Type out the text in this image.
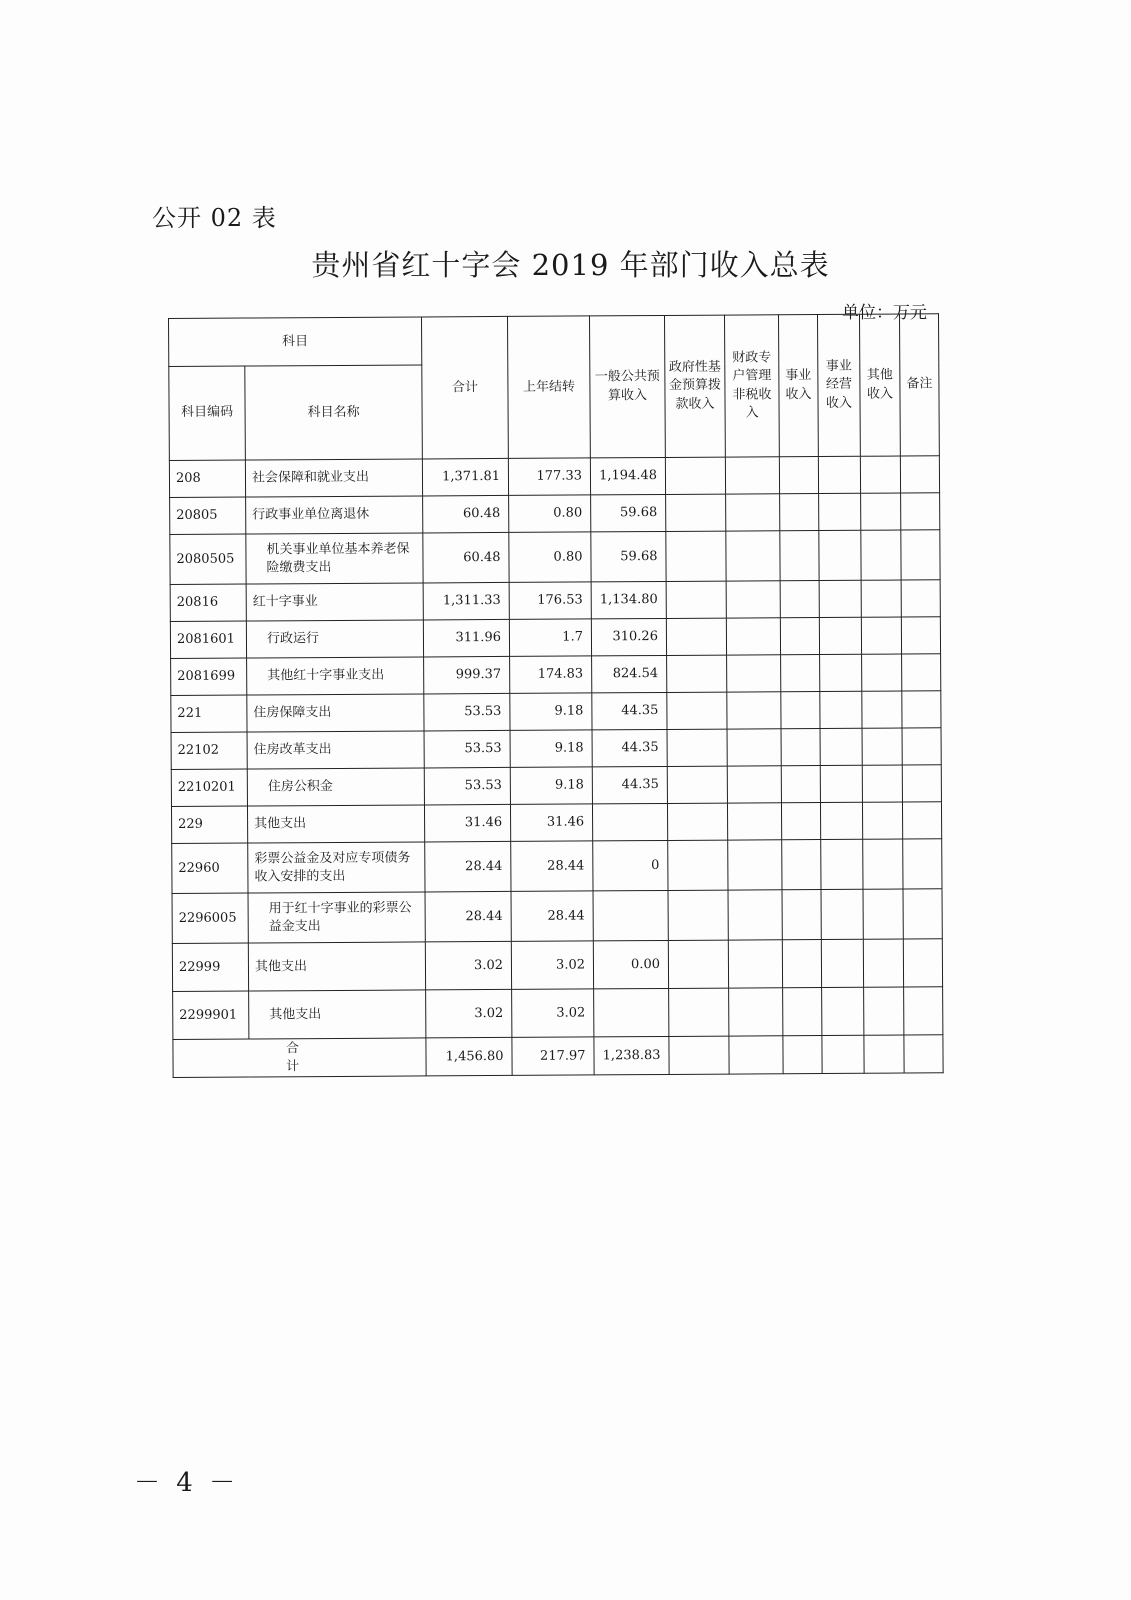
公开 02 表
贵州省红十字会 2019 年部门收入总表
单位：万元
科目		合计	上年结转	一般公共预算收入	政府性基金预算拨款收入	财政专户管理非税收入	事业收入	事业经营收入	其他收入	备注
科目编码	科目名称									
208	社会保障和就业支出	1,371.81	177.33	1,194.48						
20805	行政事业单位离退休	60.48	0.80	59.68						
2080505	机关事业单位基本养老保险缴费支出	60.48	0.80	59.68						
20816	红十字事业	1,311.33	176.53	1,134.80						
2081601	行政运行	311.96	1.7	310.26						
2081699	其他红十字事业支出	999.37	174.83	824.54						
221	住房保障支出	53.53	9.18	44.35						
22102	住房改革支出	53.53	9.18	44.35						
2210201	住房公积金	53.53	9.18	44.35						
229	其他支出	31.46	31.46							
22960	彩票公益金及对应专项债务收入安排的支出	28.44	28.44	0						
2296005	用于红十字事业的彩票公益金支出	28.44	28.44							
22999	其他支出	3.02	3.02	0.00						
2299901	其他支出	3.02	3.02							
合计		1,456.80	217.97	1,238.83						
－ 4 －
